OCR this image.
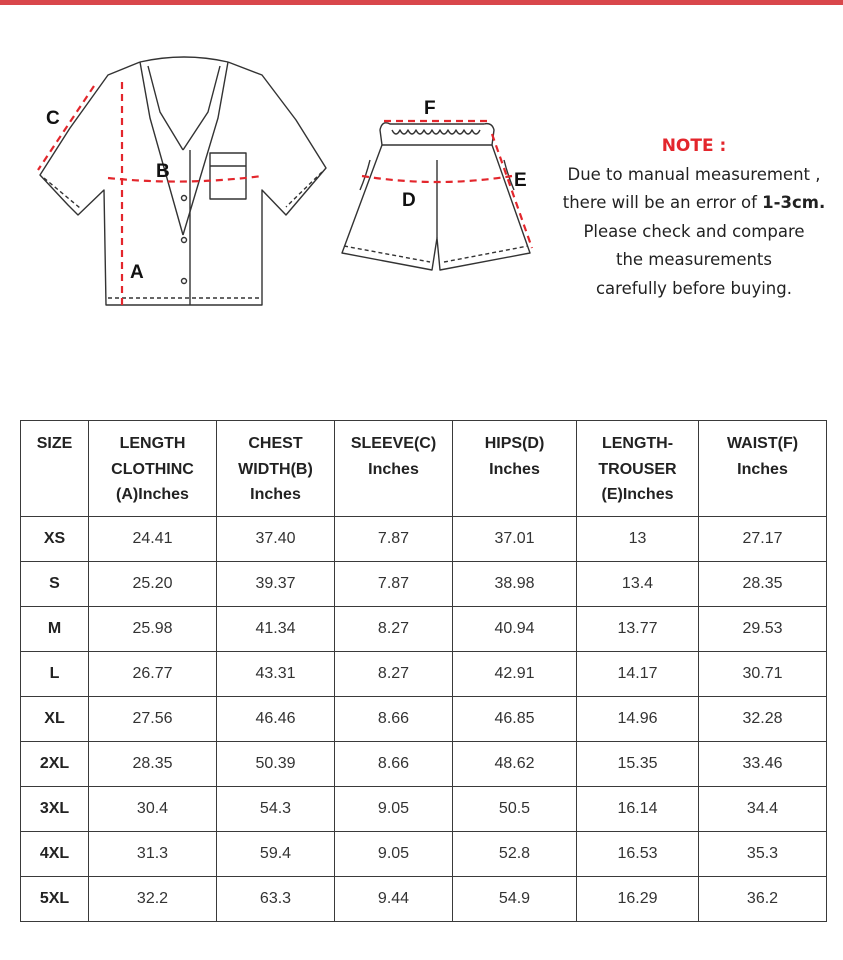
C
B
A
F
D
E
NOTE :
Due to manual measurement ,
there will be an error of 1-3cm.
Please check and compare
the measurements
carefully before buying.
SIZE	LENGTH
CLOTHINC
(A)Inches	CHEST
WIDTH(B)
Inches	SLEEVE(C)
Inches	HIPS(D)
Inches	LENGTH-
TROUSER
(E)Inches	WAIST(F)
Inches

XS	24.41	37.40	7.87	37.01	13	27.17
S	25.20	39.37	7.87	38.98	13.4	28.35
M	25.98	41.34	8.27	40.94	13.77	29.53
L	26.77	43.31	8.27	42.91	14.17	30.71
XL	27.56	46.46	8.66	46.85	14.96	32.28
2XL	28.35	50.39	8.66	48.62	15.35	33.46
3XL	30.4	54.3	9.05	50.5	16.14	34.4
4XL	31.3	59.4	9.05	52.8	16.53	35.3
5XL	32.2	63.3	9.44	54.9	16.29	36.2
